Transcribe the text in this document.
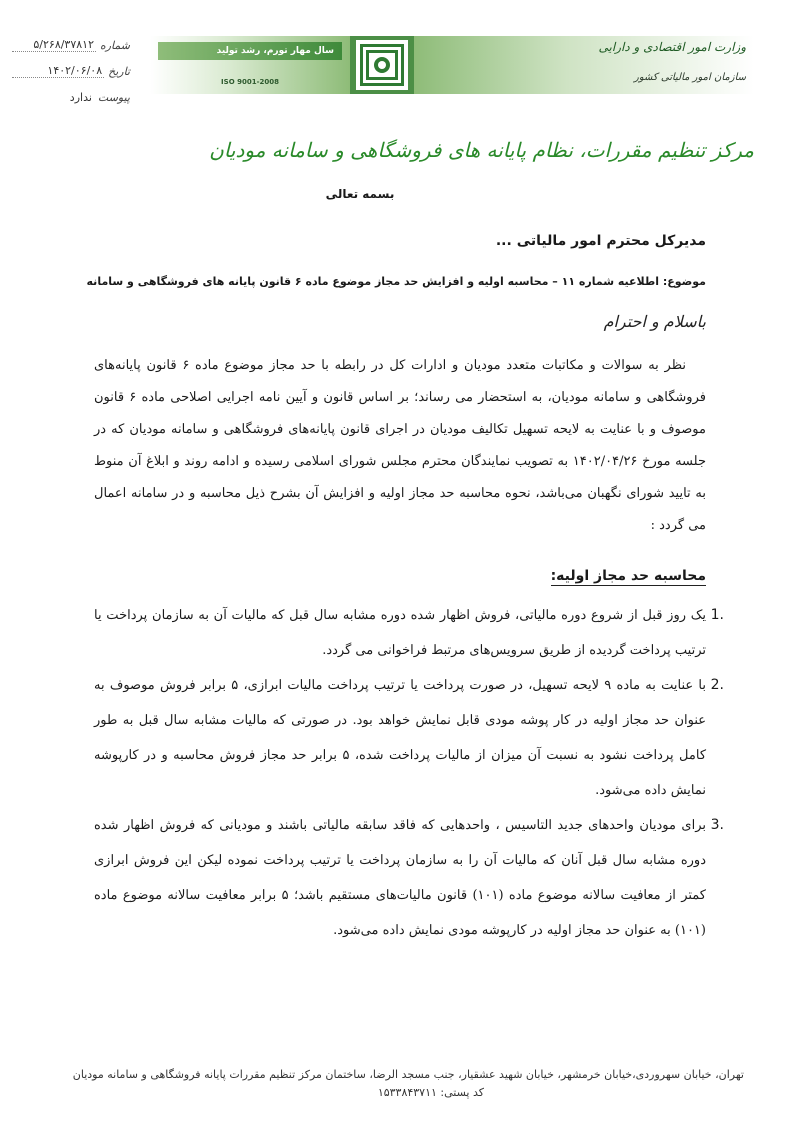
شماره
۵/۲۶۸/۳۷۸۱۲
تاریخ
۱۴۰۲/۰۶/۰۸
پیوست
ندارد
سال مهار تورم، رشد تولید
ISO 9001-2008
وزارت امور اقتصادی و دارایی
سازمان امور مالیاتی کشور
مرکز تنظیم مقررات، نظام پایانه های فروشگاهی و سامانه مودیان
بسمه تعالی
مدیرکل محترم امور مالیاتی ...
موضوع: اطلاعیه شماره ۱۱ – محاسبه اولیه و افزایش حد مجاز موضوع ماده ۶ قانون پایانه های فروشگاهی و سامانه
باسلام و احترام
نظر به سوالات و مکاتبات متعدد مودیان و ادارات کل در رابطه با حد مجاز موضوع ماده ۶ قانون پایانه‌های فروشگاهی و سامانه مودیان، به استحضار می رساند؛ بر اساس قانون و آیین نامه اجرایی اصلاحی ماده ۶ قانون موصوف و با عنایت به لایحه تسهیل تکالیف مودیان در اجرای قانون پایانه‌های فروشگاهی و سامانه مودیان که در جلسه مورخ ۱۴۰۲/۰۴/۲۶ به تصویب نمایندگان محترم مجلس شورای اسلامی رسیده و ادامه روند و ابلاغ آن منوط به تایید شورای نگهبان می‌باشد، نحوه محاسبه حد مجاز اولیه و افزایش آن بشرح ذیل محاسبه و در سامانه اعمال می گردد :
محاسبه حد مجاز اولیه:
1.
یک روز قبل از شروع دوره مالیاتی، فروش اظهار شده دوره مشابه سال قبل که مالیات آن به سازمان پرداخت یا ترتیب پرداخت گردیده از طریق سرویس‌های مرتبط فراخوانی می گردد.
2.
با عنایت به ماده ۹ لایحه تسهیل، در صورت پرداخت یا ترتیب پرداخت مالیات ابرازی، ۵ برابر فروش موصوف به عنوان حد مجاز اولیه در کار پوشه مودی قابل نمایش خواهد بود. در صورتی که مالیات مشابه سال قبل به طور کامل پرداخت نشود به نسبت آن میزان از مالیات پرداخت شده، ۵ برابر حد مجاز فروش محاسبه و در کارپوشه نمایش داده می‌شود.
3.
برای مودیان واحدهای جدید التاسیس ، واحدهایی که فاقد سابقه مالیاتی باشند و مودیانی که فروش اظهار شده دوره مشابه سال قبل آنان که مالیات آن را به سازمان پرداخت یا ترتیب پرداخت نموده لیکن این فروش ابرازی کمتر از معافیت سالانه موضوع ماده (۱۰۱) قانون مالیات‌های مستقیم باشد؛ ۵ برابر معافیت سالانه موضوع ماده (۱۰۱) به عنوان حد مجاز اولیه در کارپوشه مودی نمایش داده می‌شود.
تهران، خیابان سهروردی،خیابان خرمشهر، خیابان شهید عشقیار، جنب مسجد الرضا، ساختمان مرکز تنظیم مقررات پایانه فروشگاهی و سامانه مودیان
کد پستی: ۱۵۳۳۸۴۳۷۱۱
